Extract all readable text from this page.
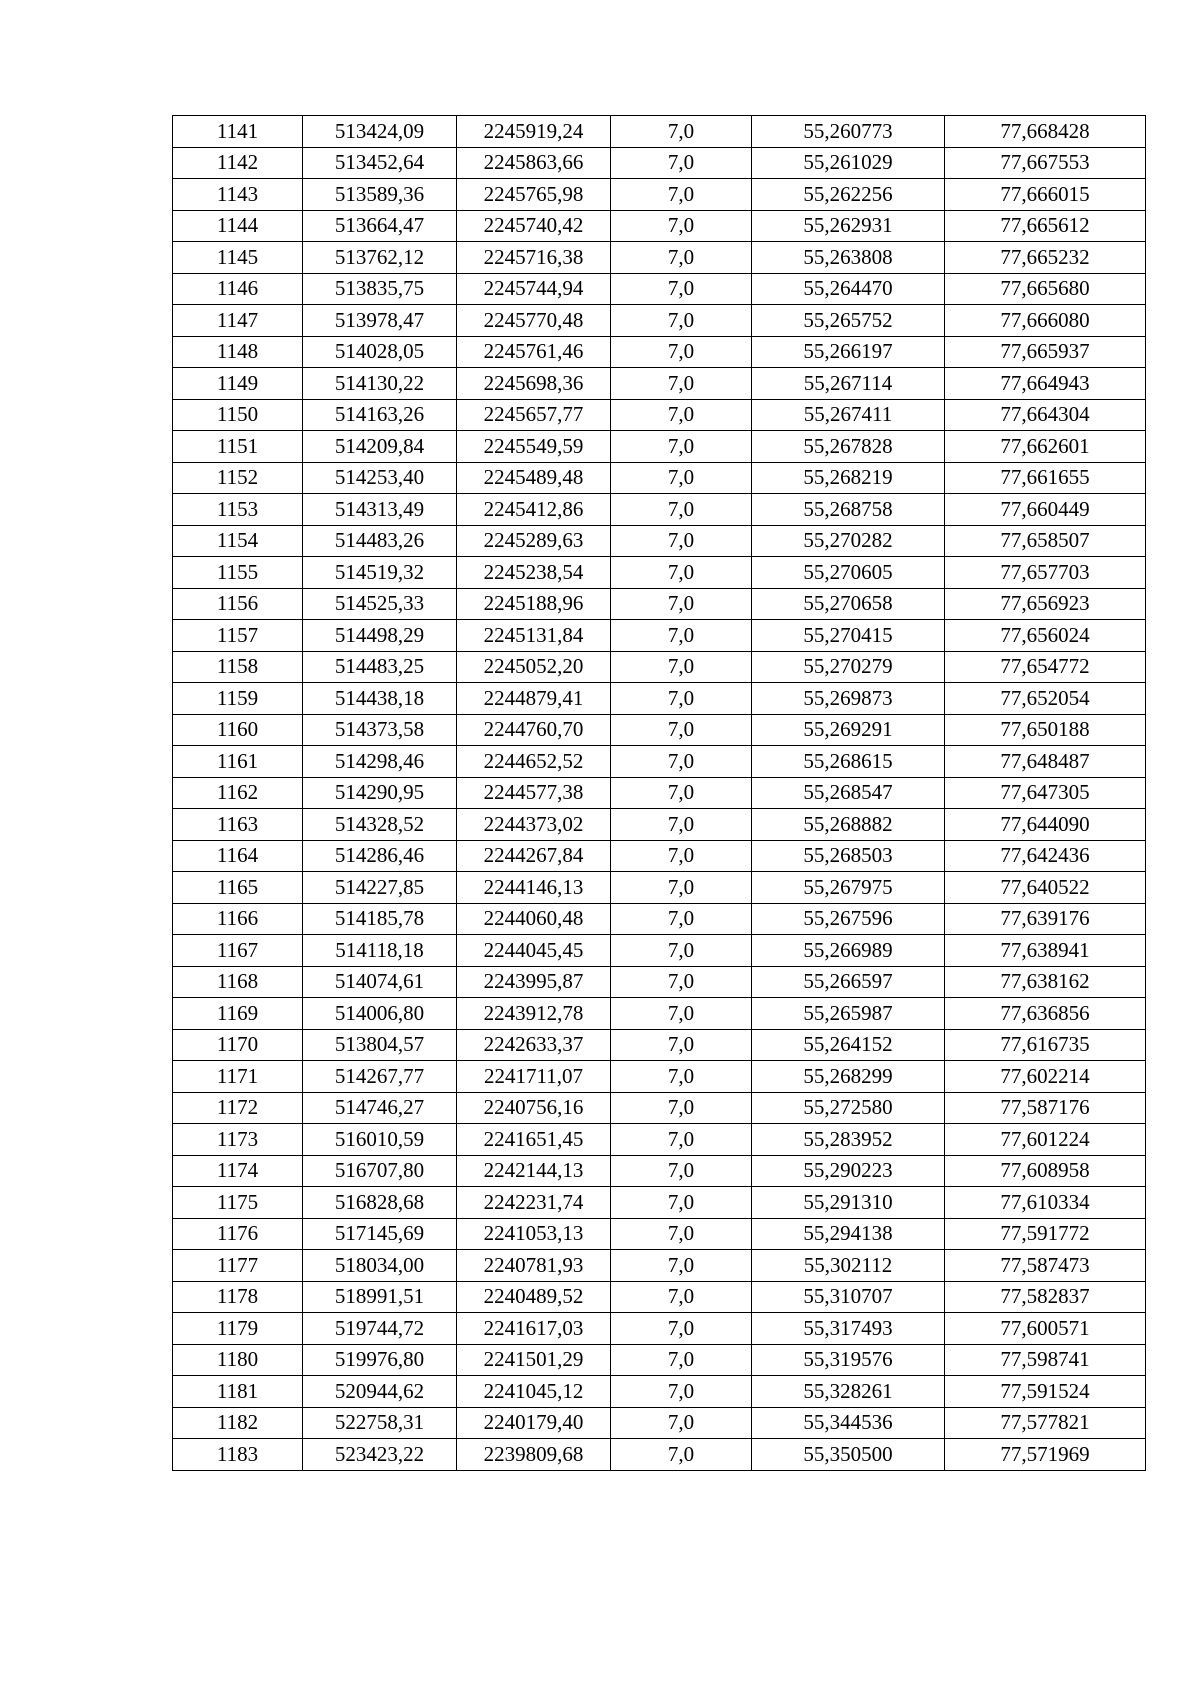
1141	513424,09	2245919,24	7,0	55,260773	77,668428
1142	513452,64	2245863,66	7,0	55,261029	77,667553
1143	513589,36	2245765,98	7,0	55,262256	77,666015
1144	513664,47	2245740,42	7,0	55,262931	77,665612
1145	513762,12	2245716,38	7,0	55,263808	77,665232
1146	513835,75	2245744,94	7,0	55,264470	77,665680
1147	513978,47	2245770,48	7,0	55,265752	77,666080
1148	514028,05	2245761,46	7,0	55,266197	77,665937
1149	514130,22	2245698,36	7,0	55,267114	77,664943
1150	514163,26	2245657,77	7,0	55,267411	77,664304
1151	514209,84	2245549,59	7,0	55,267828	77,662601
1152	514253,40	2245489,48	7,0	55,268219	77,661655
1153	514313,49	2245412,86	7,0	55,268758	77,660449
1154	514483,26	2245289,63	7,0	55,270282	77,658507
1155	514519,32	2245238,54	7,0	55,270605	77,657703
1156	514525,33	2245188,96	7,0	55,270658	77,656923
1157	514498,29	2245131,84	7,0	55,270415	77,656024
1158	514483,25	2245052,20	7,0	55,270279	77,654772
1159	514438,18	2244879,41	7,0	55,269873	77,652054
1160	514373,58	2244760,70	7,0	55,269291	77,650188
1161	514298,46	2244652,52	7,0	55,268615	77,648487
1162	514290,95	2244577,38	7,0	55,268547	77,647305
1163	514328,52	2244373,02	7,0	55,268882	77,644090
1164	514286,46	2244267,84	7,0	55,268503	77,642436
1165	514227,85	2244146,13	7,0	55,267975	77,640522
1166	514185,78	2244060,48	7,0	55,267596	77,639176
1167	514118,18	2244045,45	7,0	55,266989	77,638941
1168	514074,61	2243995,87	7,0	55,266597	77,638162
1169	514006,80	2243912,78	7,0	55,265987	77,636856
1170	513804,57	2242633,37	7,0	55,264152	77,616735
1171	514267,77	2241711,07	7,0	55,268299	77,602214
1172	514746,27	2240756,16	7,0	55,272580	77,587176
1173	516010,59	2241651,45	7,0	55,283952	77,601224
1174	516707,80	2242144,13	7,0	55,290223	77,608958
1175	516828,68	2242231,74	7,0	55,291310	77,610334
1176	517145,69	2241053,13	7,0	55,294138	77,591772
1177	518034,00	2240781,93	7,0	55,302112	77,587473
1178	518991,51	2240489,52	7,0	55,310707	77,582837
1179	519744,72	2241617,03	7,0	55,317493	77,600571
1180	519976,80	2241501,29	7,0	55,319576	77,598741
1181	520944,62	2241045,12	7,0	55,328261	77,591524
1182	522758,31	2240179,40	7,0	55,344536	77,577821
1183	523423,22	2239809,68	7,0	55,350500	77,571969
